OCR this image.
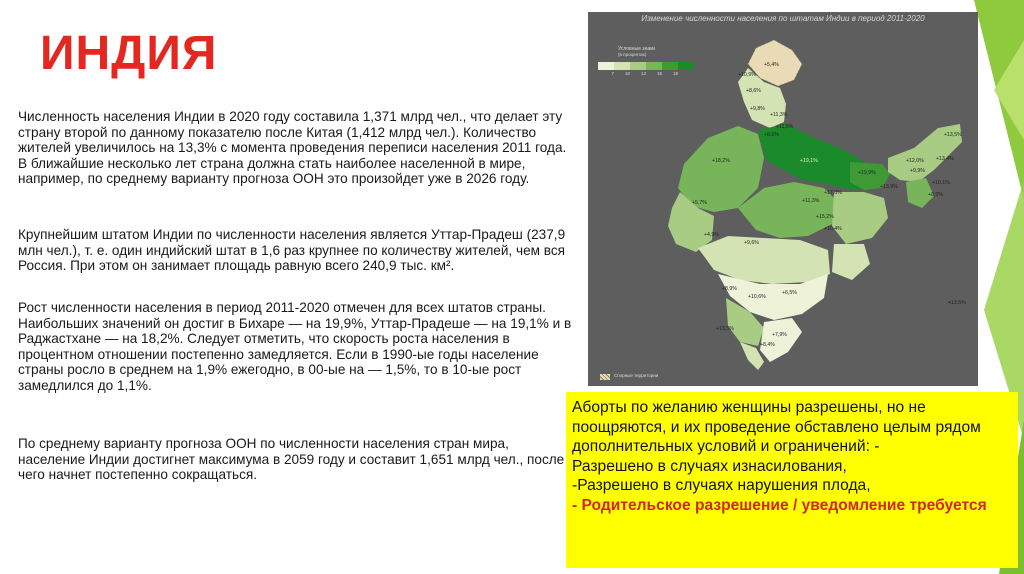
ИНДИЯ
Численность населения Индии в 2020 году составила 1,371 млрд чел., что делает эту страну второй по данному показателю после Китая (1,412 млрд чел.). Количество жителей увеличилось на 13,3% с момента проведения переписи населения 2011 года. В ближайшие несколько лет страна должна стать наиболее населенной в мире, например, по среднему варианту прогноза ООН это произойдет уже в 2026 году.
Крупнейшим штатом Индии по численности населения является Уттар-Прадеш (237,9 млн чел.), т. е. один индийский штат в 1,6 раз крупнее по количеству жителей, чем вся Россия. При этом он занимает площадь равную всего 240,9 тыс. км².
Рост численности населения в период 2011-2020 отмечен для всех штатов страны. Наибольших значений он достиг в Бихаре — на 19,9%, Уттар-Прадеше — на 19,1% и в Раджастхане — на 18,2%. Следует отметить, что скорость роста населения в процентном отношении постепенно замедляется. Если в 1990-ые годы население страны росло в среднем на 1,9% ежегодно, в 00-ые на — 1,5%, то в 10-ые рост замедлился до 1,1%.
По среднему варианту прогноза ООН по численности населения стран мира, население Индии достигнет максимума в 2059 году и составит 1,651 млрд чел., после чего начнет постепенно сокращаться.
+5,4%
+10,9%
+8,6%
+9,8%
+11,3%
+11,5%
+8,6%	+13,5%
+18,2%	+19,1%
+19,9%
+17,0%
+13,9%
+12,0%
+9,9%
+13,4%
+10,1%
+8,5%
+11,3%
+5,7%
+15,2%
+10,4%
+9,6%
+4,9%
+8,9%
+10,6%
+6,5%
+13,5%
+7,9%
+8,4%
+13,5%
Изменение численности населения по штатам Индии в период 2011-2020
Условные знаки
(в процентах)
7	10	13	16	19
Спорные территории
Аборты по желанию женщины разрешены, но не поощряются, и их проведение обставлено целым рядом дополнительных условий и ограничений: -
Разрешено в случаях изнасилования,
-Разрешено в случаях нарушения плода,
- Родительское разрешение / уведомление требуется
